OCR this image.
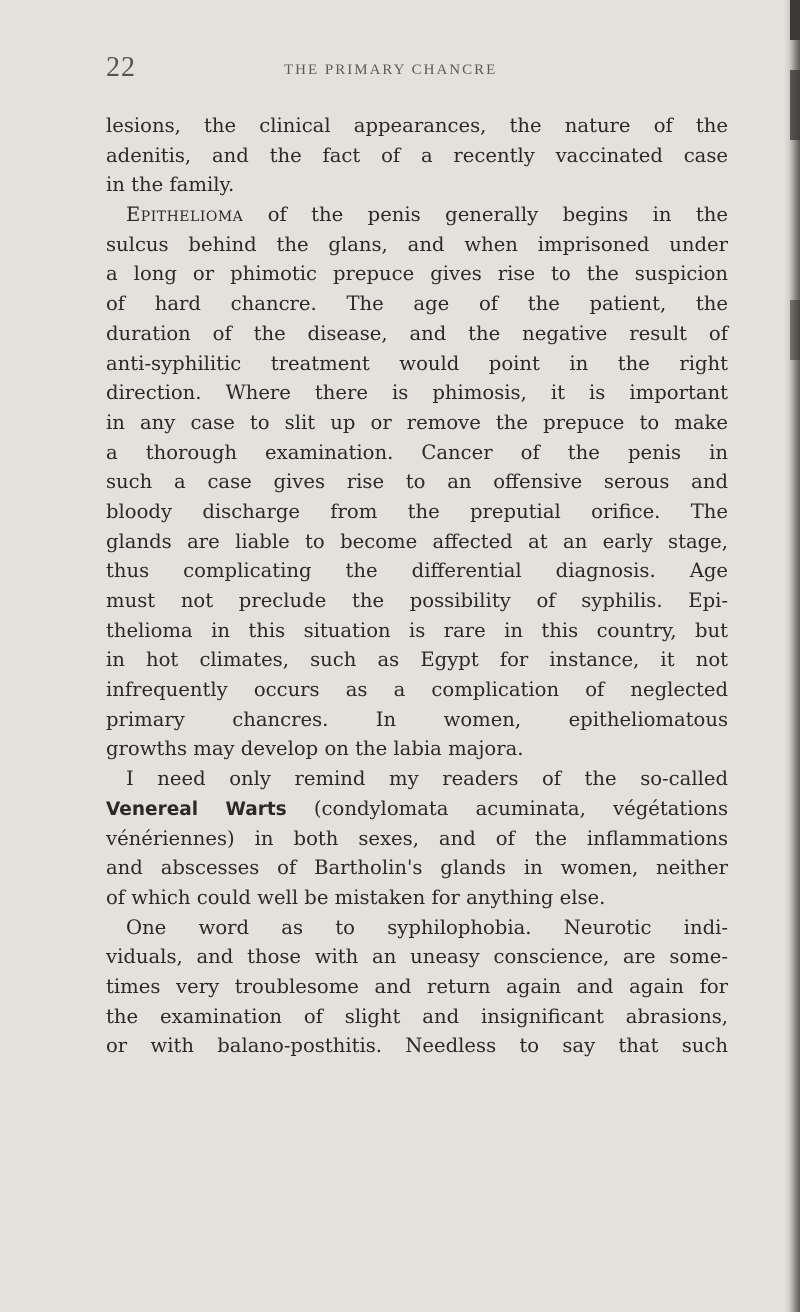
22	THE PRIMARY CHANCRE
lesions, the clinical appearances, the nature of the
adenitis, and the fact of a recently vaccinated case
in the family.
Epithelioma of the penis generally begins in the
sulcus behind the glans, and when imprisoned under
a long or phimotic prepuce gives rise to the suspicion
of hard chancre. The age of the patient, the
duration of the disease, and the negative result of
anti-syphilitic treatment would point in the right
direction. Where there is phimosis, it is important
in any case to slit up or remove the prepuce to make
a thorough examination. Cancer of the penis in
such a case gives rise to an offensive serous and
bloody discharge from the preputial orifice. The
glands are liable to become affected at an early stage,
thus complicating the differential diagnosis. Age
must not preclude the possibility of syphilis. Epi-
thelioma in this situation is rare in this country, but
in hot climates, such as Egypt for instance, it not
infrequently occurs as a complication of neglected
primary chancres. In women, epitheliomatous
growths may develop on the labia majora.
I need only remind my readers of the so-called
Venereal Warts (condylomata acuminata, végétations
vénériennes) in both sexes, and of the inflammations
and abscesses of Bartholin's glands in women, neither
of which could well be mistaken for anything else.
One word as to syphilophobia. Neurotic indi-
viduals, and those with an uneasy conscience, are some-
times very troublesome and return again and again for
the examination of slight and insignificant abrasions,
or with balano-posthitis. Needless to say that such
